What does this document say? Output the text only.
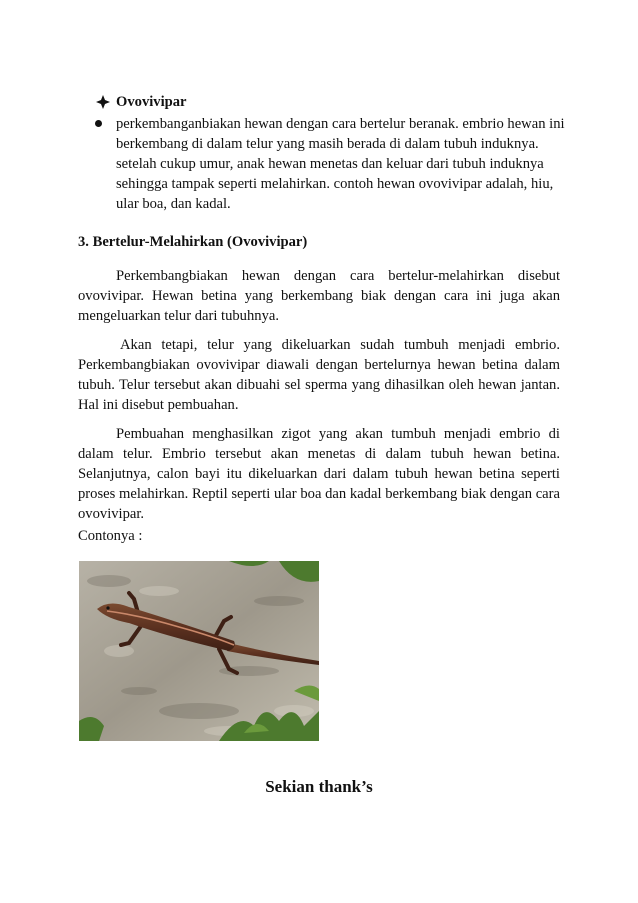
Ovovivipar
perkembanganbiakan hewan dengan cara bertelur beranak. embrio hewan ini berkembang di dalam telur yang masih berada di dalam tubuh induknya. setelah cukup umur, anak hewan menetas dan keluar dari tubuh induknya sehingga tampak seperti melahirkan. contoh hewan ovovivipar adalah, hiu, ular boa, dan kadal.
3. Bertelur-Melahirkan (Ovovivipar)

Perkembangbiakan hewan dengan cara bertelur-melahirkan disebut ovovivipar. Hewan betina yang berkembang biak dengan cara ini juga akan mengeluarkan telur dari tubuhnya.

Akan tetapi, telur yang dikeluarkan sudah tumbuh menjadi embrio. Perkembangbiakan ovovivipar diawali dengan bertelurnya hewan betina dalam tubuh. Telur tersebut akan dibuahi sel sperma yang dihasilkan oleh hewan jantan. Hal ini disebut pembuahan.

Pembuahan menghasilkan zigot yang akan tumbuh menjadi embrio di dalam telur. Embrio tersebut akan menetas di dalam tubuh hewan betina. Selanjutnya, calon bayi itu dikeluarkan dari dalam tubuh hewan betina seperti proses melahirkan. Reptil seperti ular boa dan kadal berkembang biak dengan cara ovovivipar.

Contonya :
Sekian thank’s
